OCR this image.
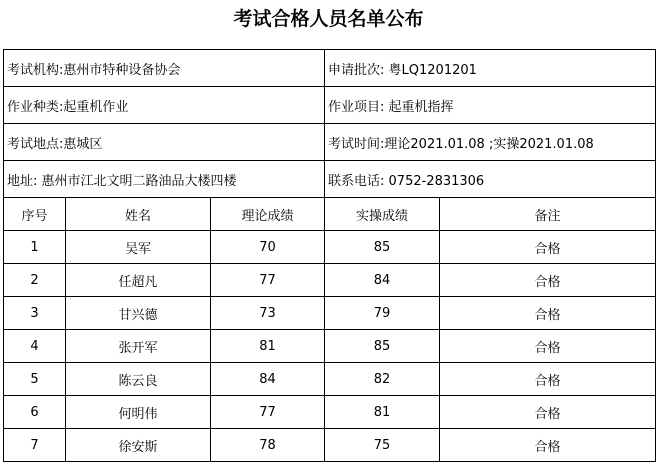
考试合格人员名单公布
考试机构:惠州市特种设备协会			申请批次: 粤LQ1201201	
作业种类:起重机作业			作业项目: 起重机指挥	
考试地点:惠城区			考试时间:理论2021.01.08 ;实操2021.01.08	
地址: 惠州市江北文明二路油品大楼四楼			联系电话: 0752-2831306	
序号	姓名	理论成绩	实操成绩	备注
1	吴军	70	85	合格
2	任超凡	77	84	合格
3	甘兴德	73	79	合格
4	张开军	81	85	合格
5	陈云良	84	82	合格
6	何明伟	77	81	合格
7	徐安斯	78	75	合格
